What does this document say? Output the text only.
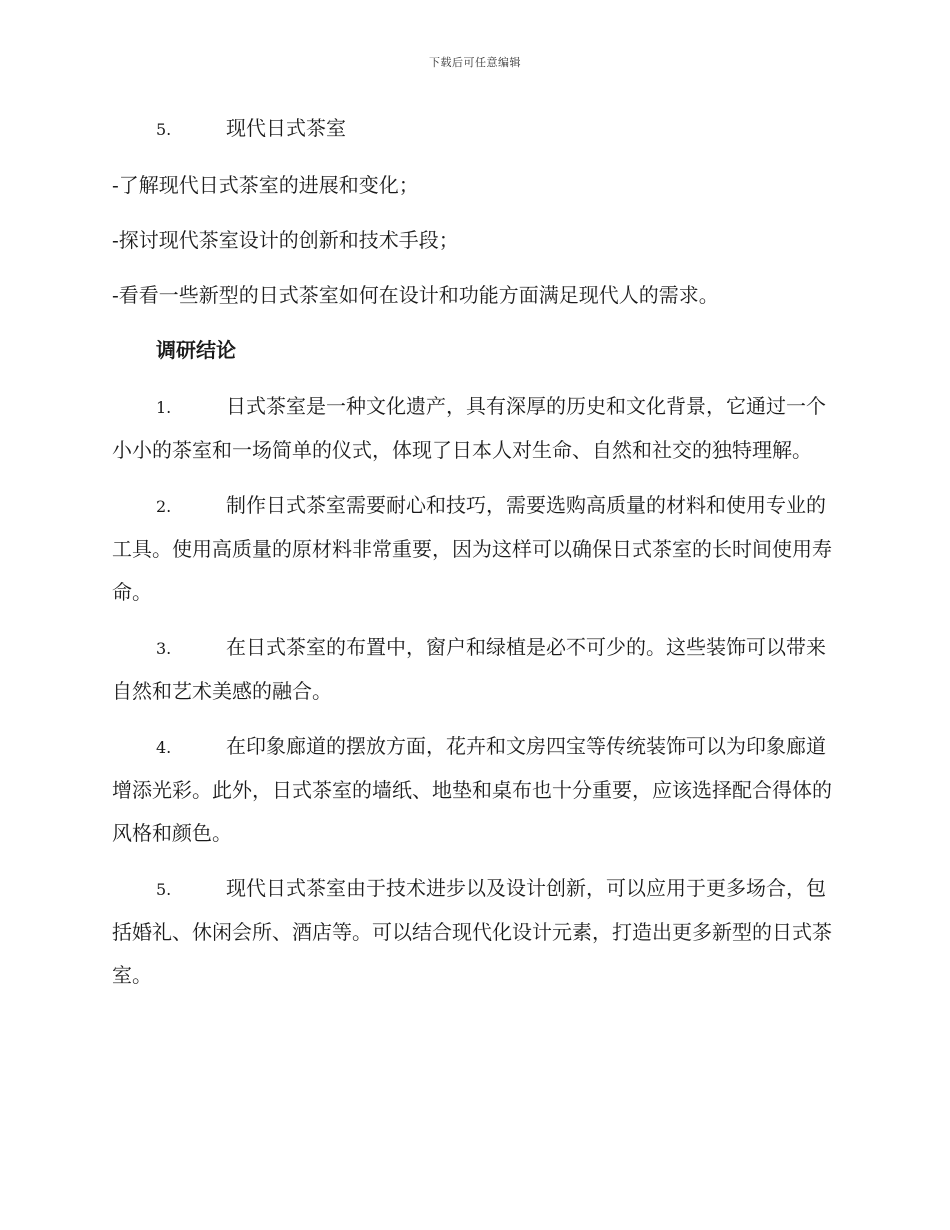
下载后可任意编辑
5.	现代日式茶室
-了解现代日式茶室的进展和变化；
-探讨现代茶室设计的创新和技术手段；
-看看一些新型的日式茶室如何在设计和功能方面满足现代人的需求。
调研结论
1.	日式茶室是一种文化遗产，具有深厚的历史和文化背景，它通过一个小小的茶室和一场简单的仪式，体现了日本人对生命、自然和社交的独特理解。
2.	制作日式茶室需要耐心和技巧，需要选购高质量的材料和使用专业的工具。使用高质量的原材料非常重要，因为这样可以确保日式茶室的长时间使用寿命。
3.	在日式茶室的布置中，窗户和绿植是必不可少的。这些装饰可以带来自然和艺术美感的融合。
4.	在印象廊道的摆放方面，花卉和文房四宝等传统装饰可以为印象廊道增添光彩。此外，日式茶室的墙纸、地垫和桌布也十分重要，应该选择配合得体的风格和颜色。
5.	现代日式茶室由于技术进步以及设计创新，可以应用于更多场合，包括婚礼、休闲会所、酒店等。可以结合现代化设计元素，打造出更多新型的日式茶室。
